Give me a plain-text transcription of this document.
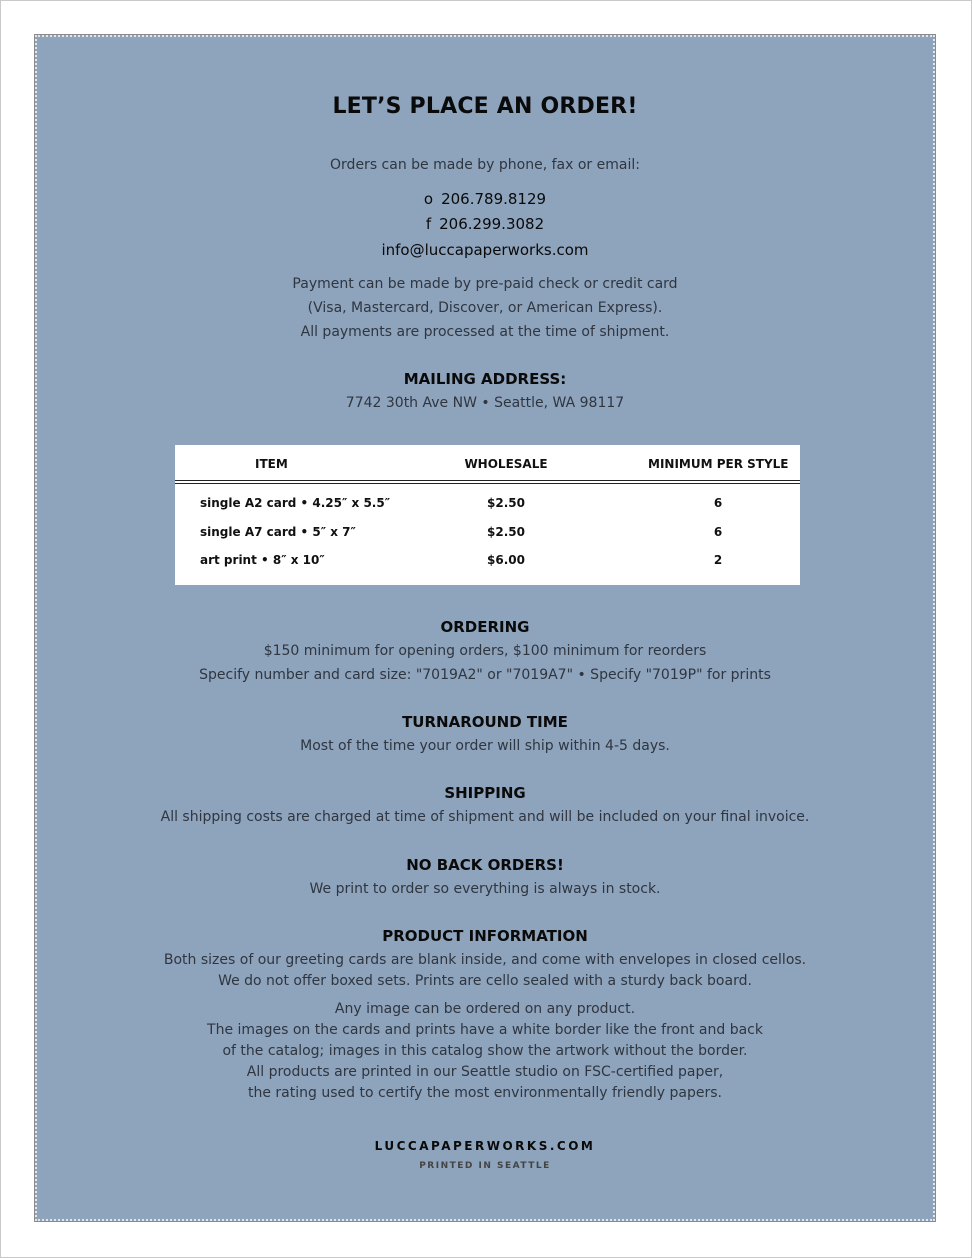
LET’S PLACE AN ORDER!
Orders can be made by phone, fax or email:
o 206.789.8129
f 206.299.3082
info@luccapaperworks.com
Payment can be made by pre-paid check or credit card
(Visa, Mastercard, Discover, or American Express).
All payments are processed at the time of shipment.
MAILING ADDRESS:
7742 30th Ave NW • Seattle, WA 98117
ITEM	WHOLESALE	MINIMUM PER STYLE
single A2 card • 4.25″ x 5.5″	$2.50	6
single A7 card • 5″ x 7″	$2.50	6
art print • 8″ x 10″	$6.00	2
ORDERING
$150 minimum for opening orders, $100 minimum for reorders
Specify number and card size: "7019A2" or "7019A7" • Specify "7019P" for prints
TURNAROUND TIME
Most of the time your order will ship within 4-5 days.
SHIPPING
All shipping costs are charged at time of shipment and will be included on your final invoice.
NO BACK ORDERS!
We print to order so everything is always in stock.
PRODUCT INFORMATION
Both sizes of our greeting cards are blank inside, and come with envelopes in closed cellos.
We do not offer boxed sets. Prints are cello sealed with a sturdy back board.
Any image can be ordered on any product.
The images on the cards and prints have a white border like the front and back
of the catalog; images in this catalog show the artwork without the border.
All products are printed in our Seattle studio on FSC-certified paper,
the rating used to certify the most environmentally friendly papers.
LUCCAPAPERWORKS.COM
PRINTED IN SEATTLE
